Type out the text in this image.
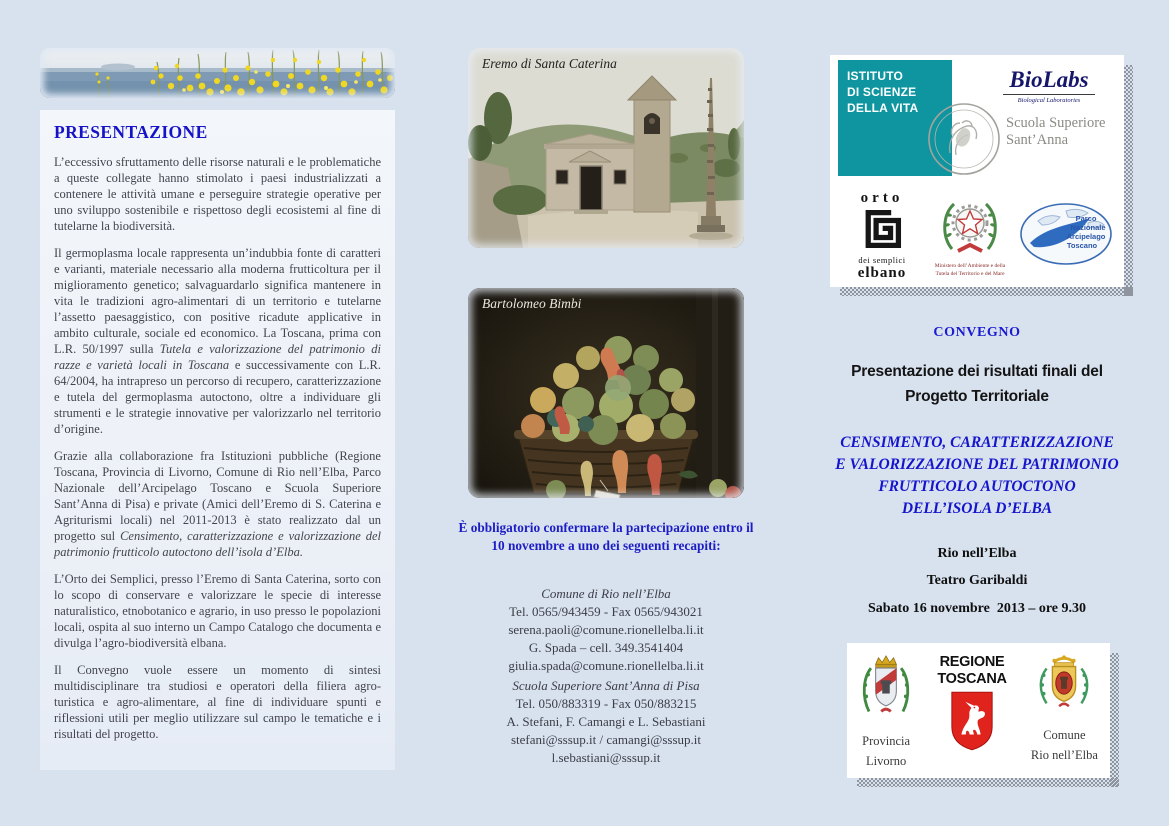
PRESENTAZIONE

L’eccessivo sfruttamento delle risorse naturali e le problematiche a queste collegate hanno stimolato i paesi industrializzati a contenere le attività umane e perseguire strategie operative per uno sviluppo sostenibile e rispettoso degli ecosistemi al fine di tutelarne la biodiversità.

Il germoplasma locale rappresenta un’indubbia fonte di caratteri e varianti, materiale necessario alla moderna frutticoltura per il miglioramento genetico; salvaguardarlo significa mantenere in vita le tradizioni agro-alimentari di un territorio e tutelarne l’assetto paesaggistico, con positive ricadute applicative in ambito culturale, sociale ed economico. La Toscana, prima con L.R. 50/1997 sulla Tutela e valorizzazione del patrimonio di razze e varietà locali in Toscana e successivamente con L.R. 64/2004, ha intrapreso un percorso di recupero, caratterizzazione e tutela del germoplasma autoctono, oltre a individuare gli strumenti e le strategie innovative per valorizzarlo nel territorio d’origine.

Grazie alla collaborazione fra Istituzioni pubbliche (Regione Toscana, Provincia di Livorno, Comune di Rio nell’Elba, Parco Nazionale dell’Arcipelago Toscano e Scuola Superiore Sant’Anna di Pisa) e private (Amici dell’Eremo di S. Caterina e Agriturismi locali) nel 2011-2013 è stato realizzato dal un progetto sul Censimento, caratterizzazione e valorizzazione del patrimonio frutticolo autoctono dell’isola d’Elba.

L’Orto dei Semplici, presso l’Eremo di Santa Caterina, sorto con lo scopo di conservare e valorizzare le specie di interesse naturalistico, etnobotanico e agrario, in uso presso le popolazioni locali, ospita al suo interno un Campo Catalogo che documenta e divulga l’agro-biodiversità elbana.

Il Convegno vuole essere un momento di sintesi multidisciplinare tra studiosi e operatori della filiera agro-turistica e agro-alimentare, al fine di individuare spunti e riflessioni utili per meglio utilizzare sul campo le tematiche e i risultati del progetto.

Eremo di Santa Caterina
Bartolomeo Bimbi
È obbligatorio confermare la partecipazione entro il 10 novembre a uno dei seguenti recapiti:
Comune di Rio nell’Elba
Tel. 0565/943459 - Fax 0565/943021
serena.paoli@comune.rionellelba.li.it
G. Spada – cell. 349.3541404
giulia.spada@comune.rionellelba.li.it
Scuola Superiore Sant’Anna di Pisa
Tel. 050/883319 - Fax 050/883215
A. Stefani, F. Camangi e L. Sebastiani
stefani@sssup.it / camangi@sssup.it
l.sebastiani@sssup.it
ISTITUTO
DI SCIENZE
DELLA VITA
BioLabs
Biological Laboratories
Scuola Superiore
Sant’Anna
orto
dei semplici
elbano	Ministero dell’Ambiente e della
Tutela del Territorio e del Mare
Parco
Nazionale
Arcipelago
Toscano
CONVEGNO
Presentazione dei risultati finali del
Progetto Territoriale
CENSIMENTO, CARATTERIZZAZIONE
E VALORIZZAZIONE DEL PATRIMONIO
FRUTTICOLO AUTOCTONO
DELL’ISOLA D’ELBA
Rio nell’Elba
Teatro Garibaldi
Sabato 16 novembre  2013 – ore 9.30
Provincia
Livorno
REGIONE
TOSCANA
Comune
Rio nell’Elba
